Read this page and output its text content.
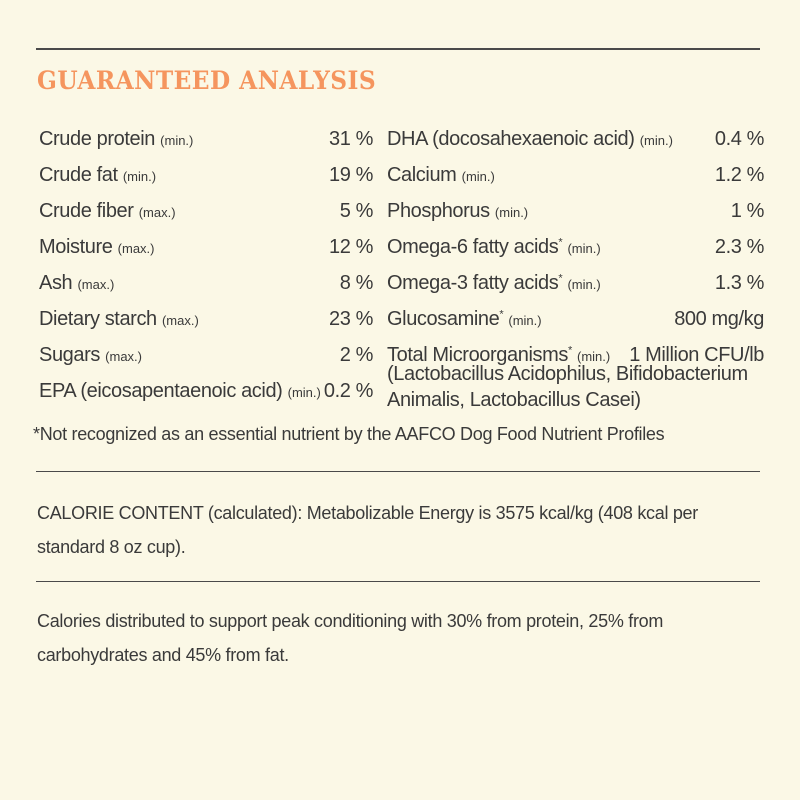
GUARANTEED ANALYSIS
Crude protein (min.)	31 %
Crude fat (min.)	19 %
Crude fiber (max.)	5 %
Moisture (max.)	12 %
Ash (max.)	8 %
Dietary starch (max.)	23 %
Sugars (max.)	2 %
EPA (eicosapentaenoic acid) (min.) 0.2 %
DHA (docosahexaenoic acid) (min.) 0.4 %
Calcium (min.)	1.2 %
Phosphorus (min.)	1 %
Omega-6 fatty acids* (min.)	2.3 %
Omega-3 fatty acids* (min.)	1.3 %
Glucosamine* (min.)	800 mg/kg
Total Microorganisms* (min.) 1 Million CFU/lb
(Lactobacillus Acidophilus, Bifidobacterium Animalis, Lactobacillus Casei)
*Not recognized as an essential nutrient by the AAFCO Dog Food Nutrient Profiles
CALORIE CONTENT (calculated): Metabolizable Energy is 3575 kcal/kg (408 kcal per standard 8 oz cup).
Calories distributed to support peak conditioning with 30% from protein, 25% from carbohydrates and 45% from fat.
